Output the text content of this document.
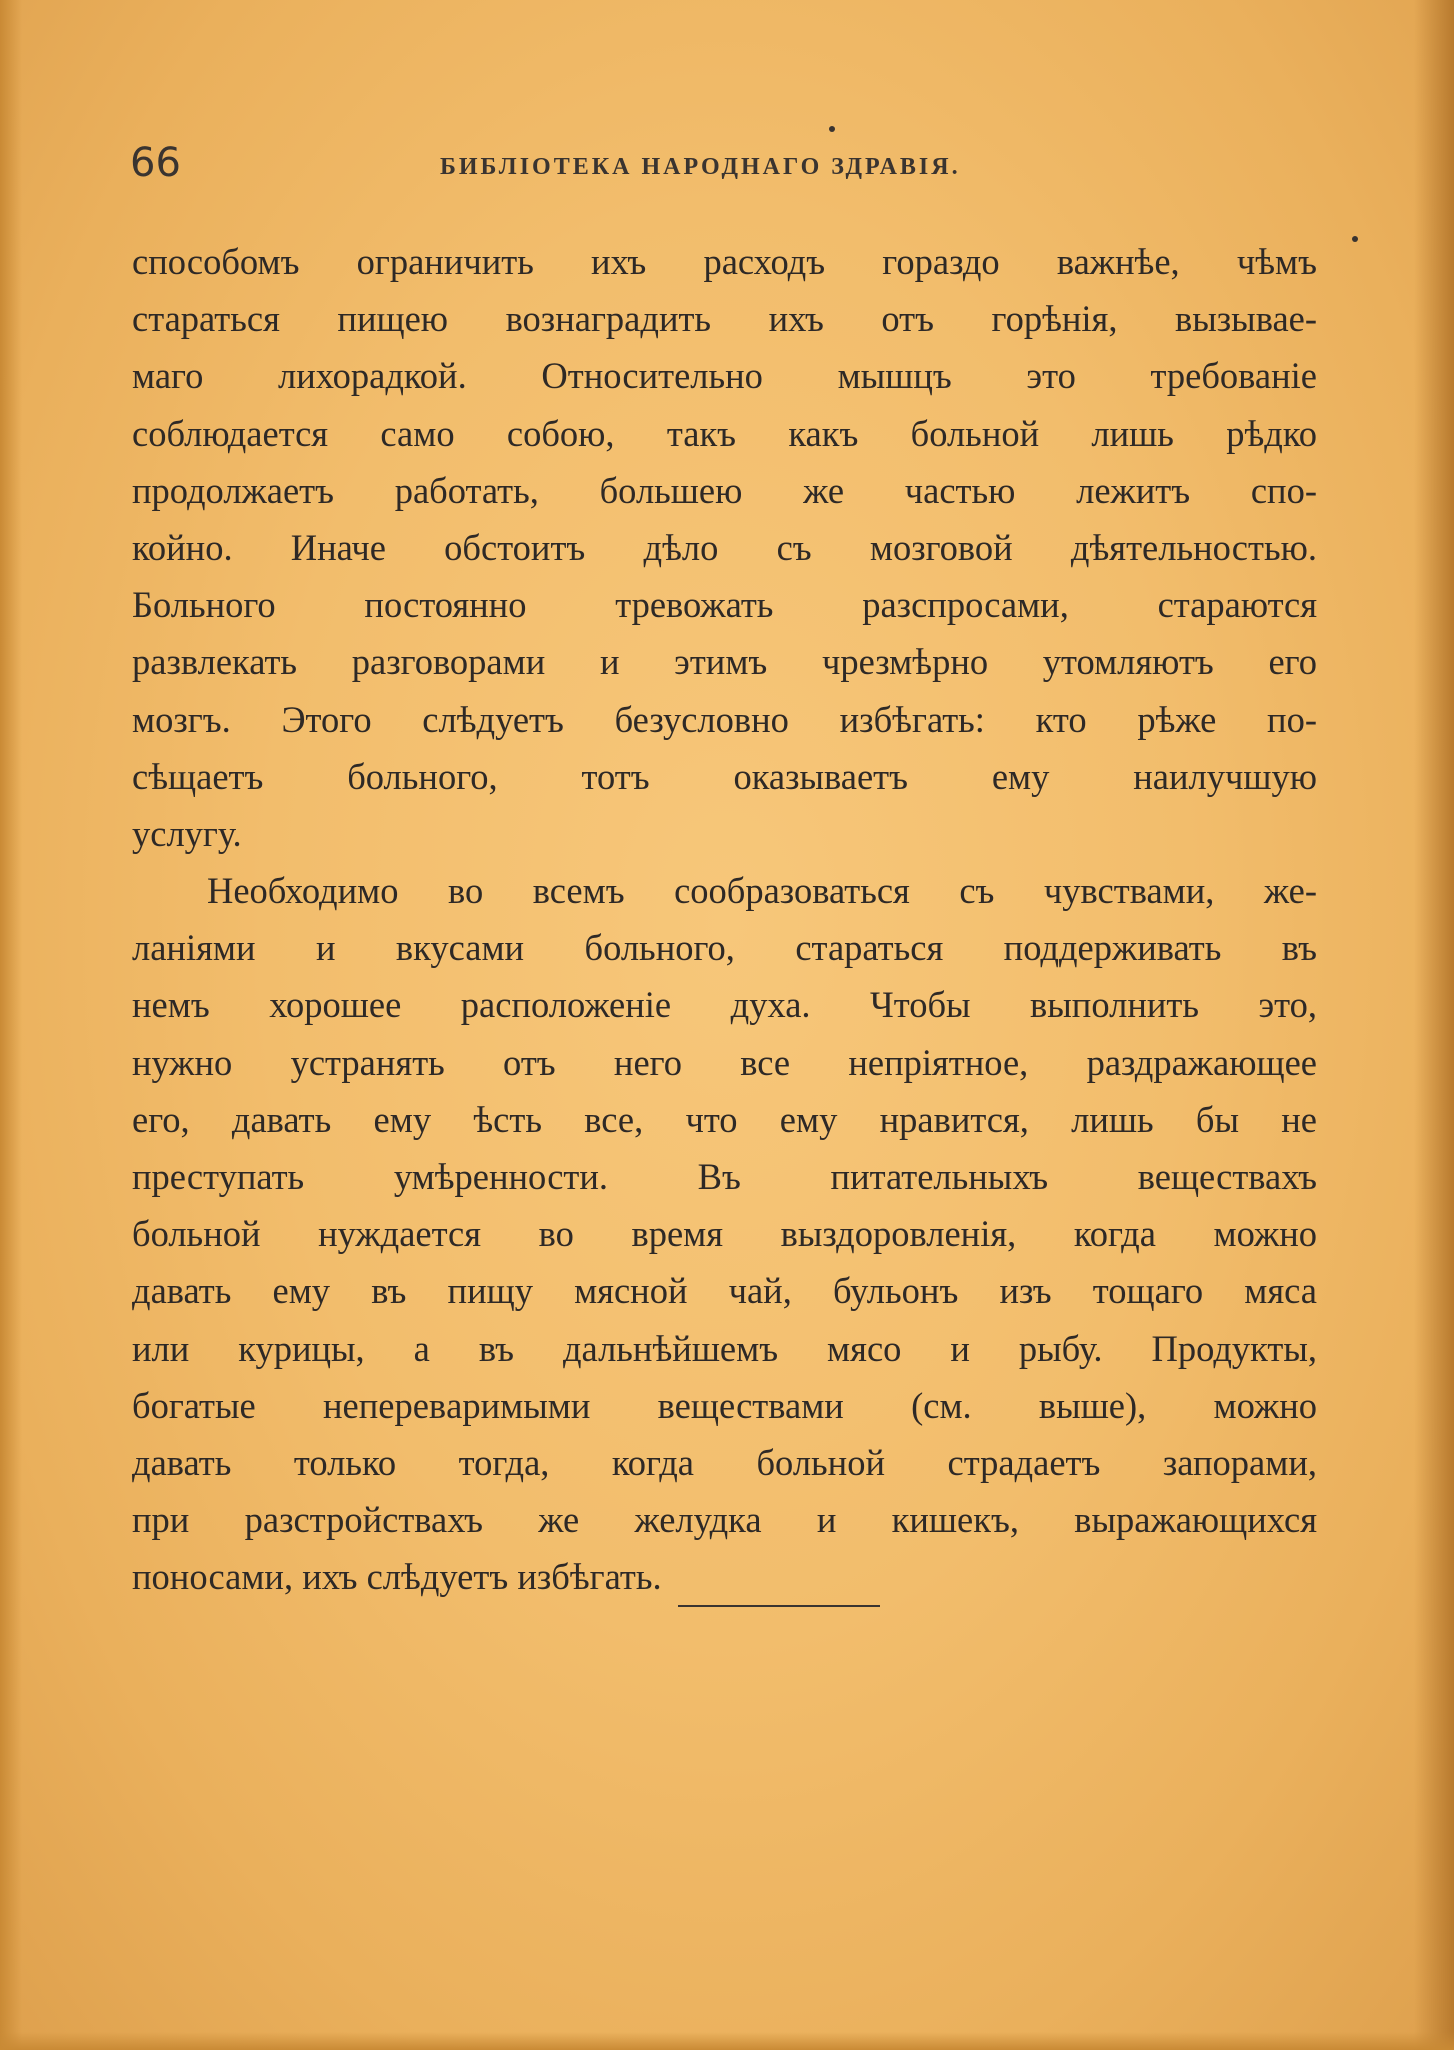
66	БИБЛІОТЕКА НАРОДНАГО ЗДРАВІЯ.
способомъ ограничить ихъ расходъ гораздо важнѣе, чѣмъ
стараться пищею вознаградить ихъ отъ горѣнія, вызывае-
маго лихорадкой. Относительно мышцъ это требованіе
соблюдается само собою, такъ какъ больной лишь рѣдко
продолжаетъ работать, большею же частью лежитъ спо-
койно. Иначе обстоитъ дѣло съ мозговой дѣятельностью.
Больного постоянно тревожать разспросами, стараются
развлекать разговорами и этимъ чрезмѣрно утомляютъ его
мозгъ. Этого слѣдуетъ безусловно избѣгать: кто рѣже по-
сѣщаетъ больного, тотъ оказываетъ ему наилучшую
услугу.
Необходимо во всемъ сообразоваться съ чувствами, же-
ланіями и вкусами больного, стараться поддерживать въ
немъ хорошее расположеніе духа. Чтобы выполнить это,
нужно устранять отъ него все непріятное, раздражающее
его, давать ему ѣсть все, что ему нравится, лишь бы не
преступать умѣренности. Въ питательныхъ веществахъ
больной нуждается во время выздоровленія, когда можно
давать ему въ пищу мясной чай, бульонъ изъ тощаго мяса
или курицы, а въ дальнѣйшемъ мясо и рыбу. Продукты,
богатые неперевaримыми веществами (см. выше), можно
давать только тогда, когда больной страдаетъ запорами,
при разстройствахъ же желудка и кишекъ, выражающихся
поносами, ихъ слѣдуетъ избѣгать.
